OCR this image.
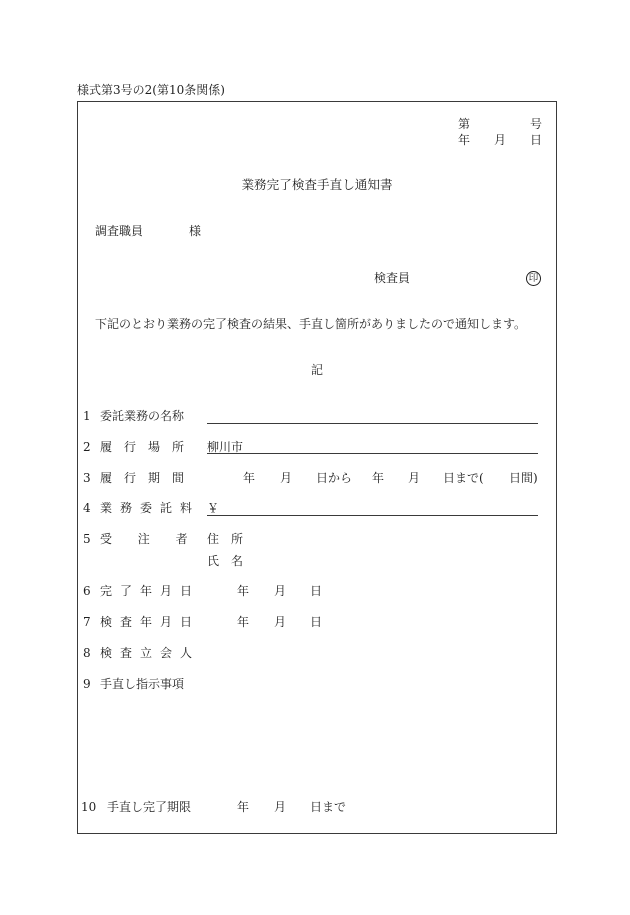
様式第3号の2(第10条関係)
第	号
年 月 日
業務完了検査手直し通知書
調査職員	様
検査員	印
下記のとおり業務の完了検査の結果、手直し箇所がありましたので通知します。
記
1 委託業務の名称
2 履　行　場　所 柳川市
3 履　行　期　間	年 月 日から 年 月 日まで( 日間)
4 業　務　委　託　料 ￥
5 受　　注　　者 住　所
氏　名
6 完　了　年　月　日	年 月 日
7 検　査　年　月　日	年 月 日
8 検　査　立　会　人
9 手直し指示事項
10 手直し完了期限	年 月 日まで
